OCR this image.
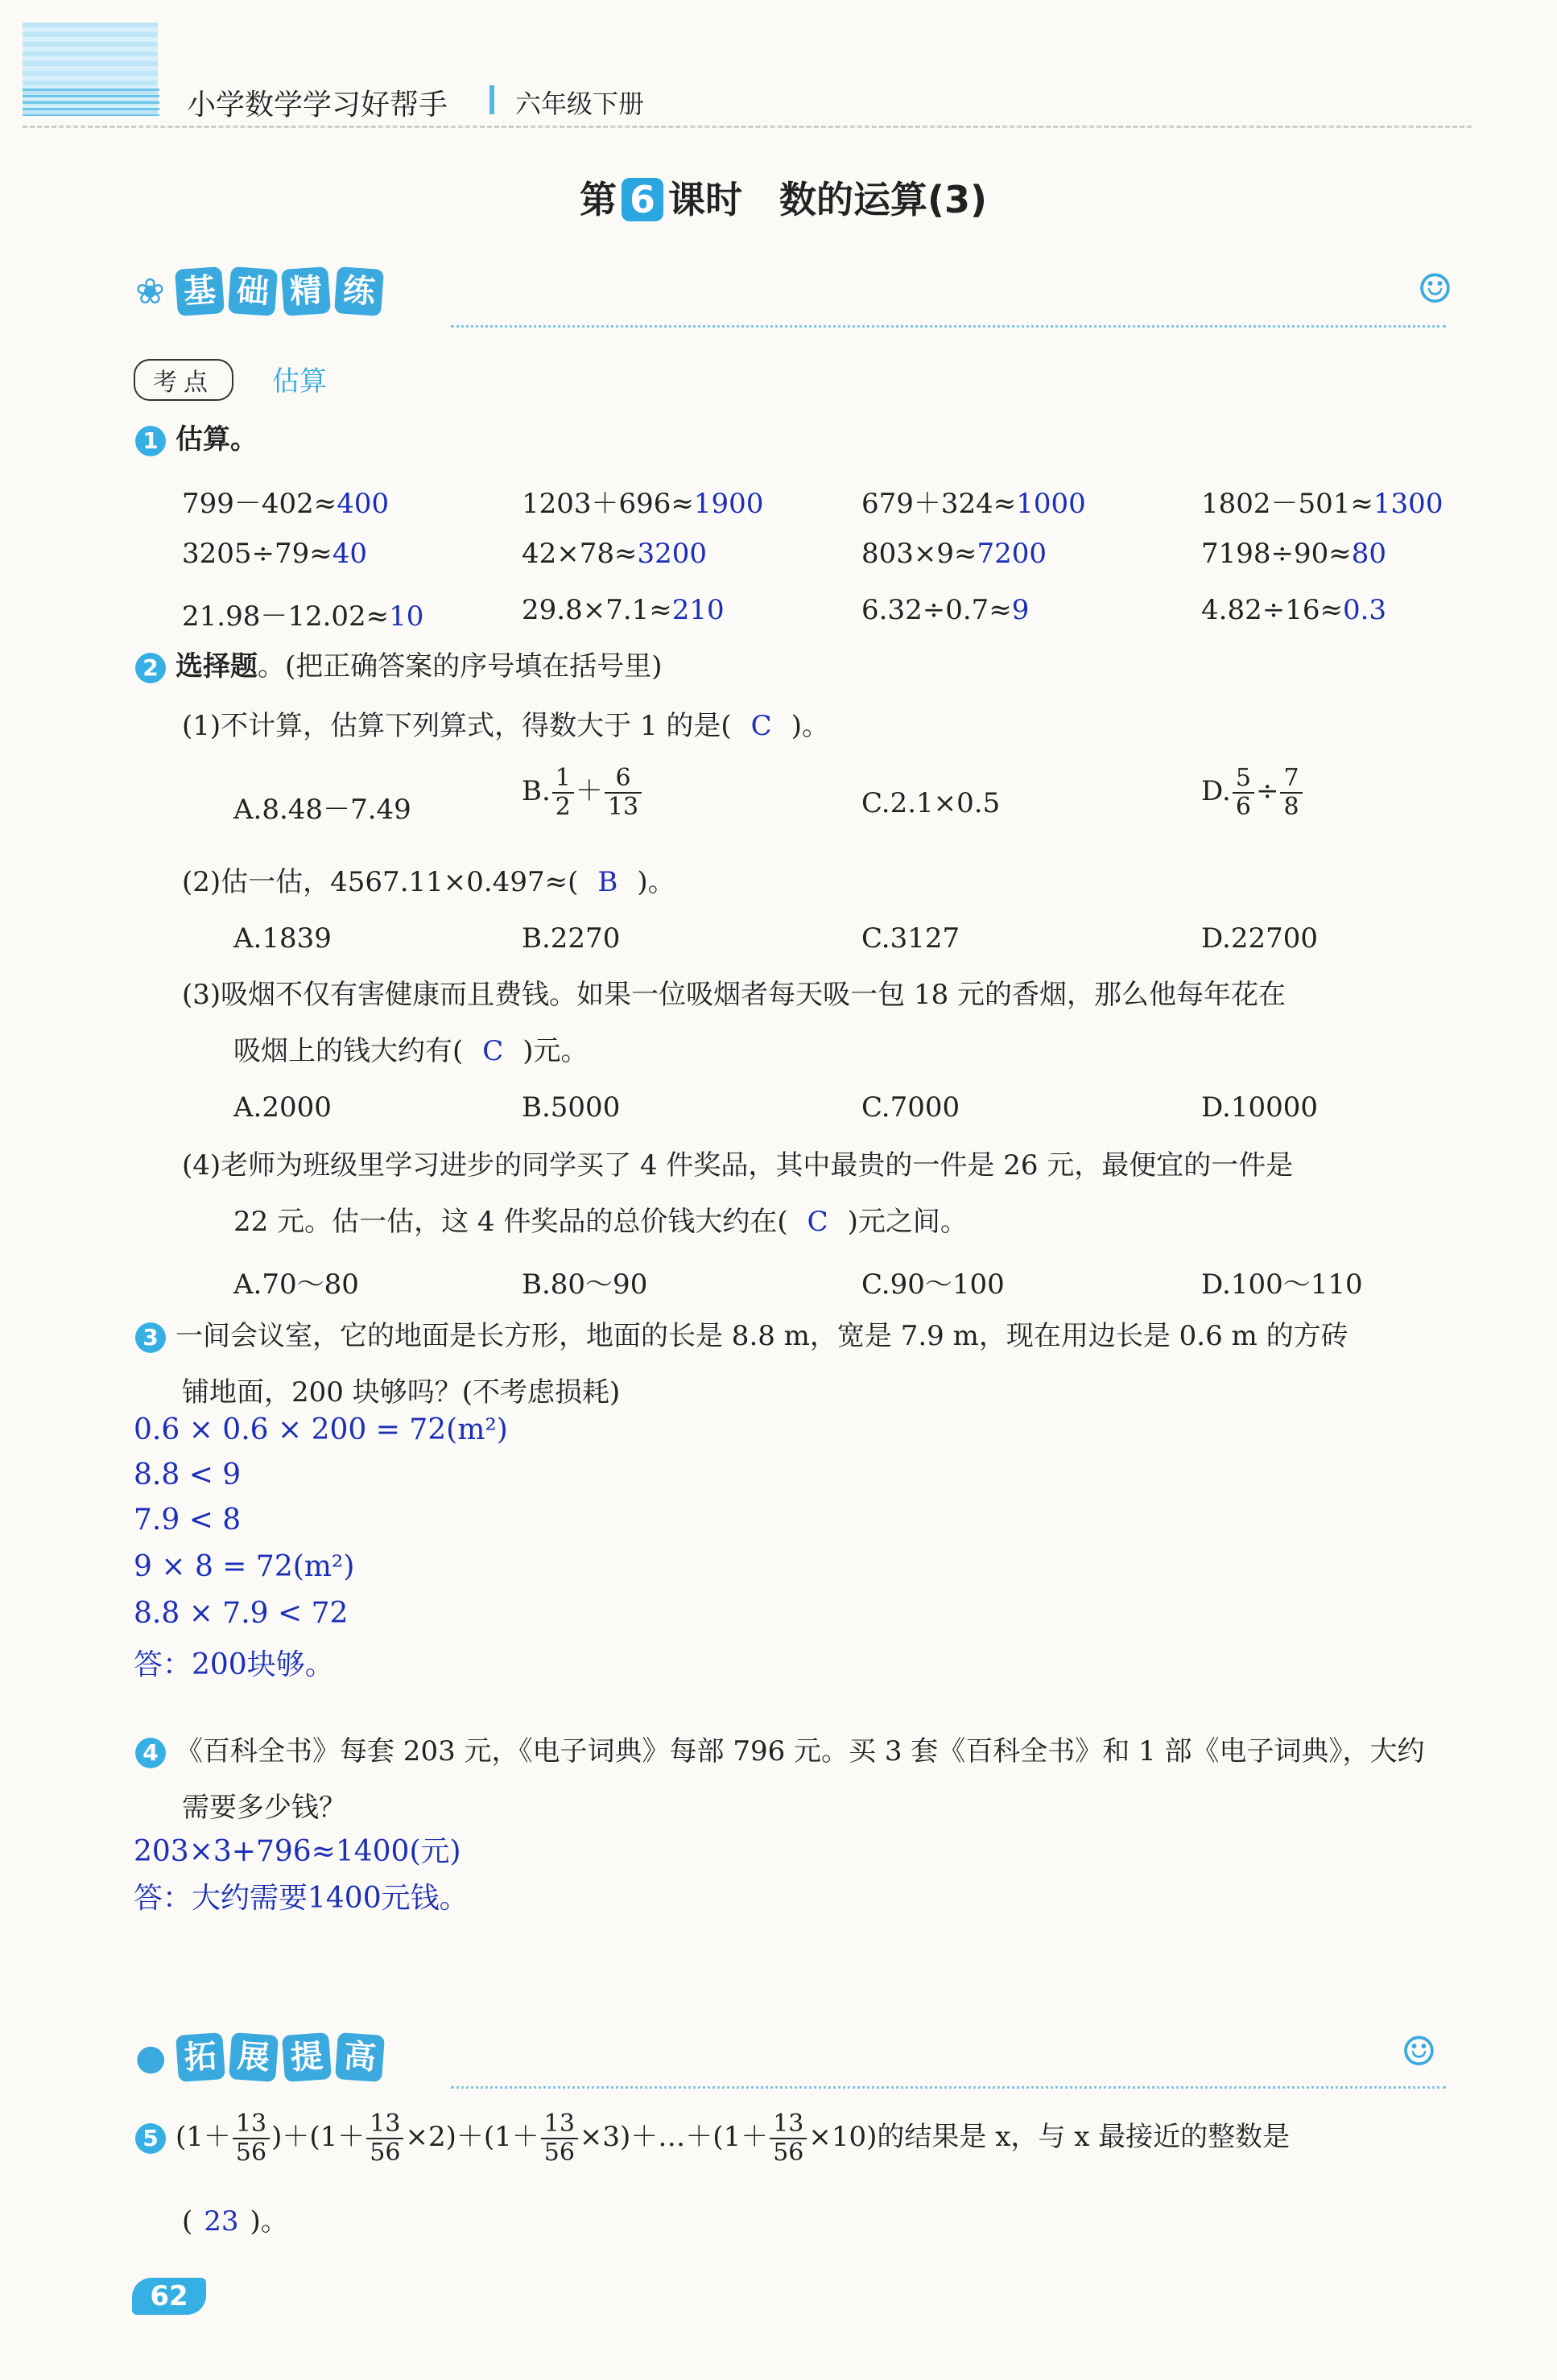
小学数学学习好帮手	六年级下册
第 6 课时　数的运算(3)
❀ 基 础 精 练	☺
考点	估算
1 估算。
799－402≈400	1203＋696≈1900	679＋324≈1000	1802－501≈1300
3205÷79≈40	42×78≈3200	803×9≈7200	7198÷90≈80
21.98－12.02≈10	29.8×7.1≈210	6.32÷0.7≈9	4.82÷16≈0.3
2 选择题。(把正确答案的序号填在括号里)
(1)不计算，估算下列算式，得数大于 1 的是( C )。
A.8.48－7.49
B. $\frac{1}{2} + \frac{6}{13}$	C.2.1×0.5	D. $\frac{5}{6} \div \frac{7}{8}$
(2)估一估，4567.11×0.497≈( B )。
A.1839	B.2270	C.3127	D.22700
(3)吸烟不仅有害健康而且费钱。如果一位吸烟者每天吸一包 18 元的香烟，那么他每年花在
吸烟上的钱大约有( C )元。
A.2000	B.5000	C.7000	D.10000
(4)老师为班级里学习进步的同学买了 4 件奖品，其中最贵的一件是 26 元，最便宜的一件是
22 元。估一估，这 4 件奖品的总价钱大约在( C )元之间。
A.70～80	B.80～90	C.90～100	D.100～110
3 一间会议室，它的地面是长方形，地面的长是 8.8 m，宽是 7.9 m，现在用边长是 0.6 m 的方砖
铺地面，200 块够吗？(不考虑损耗)
0.6 × 0.6 × 200 = 72(m²)
8.8 < 9
7.9 < 8
9 × 8 = 72(m²)
8.8 × 7.9 < 72
答：200块够。
4 《百科全书》每套 203 元，《电子词典》每部 796 元。买 3 套《百科全书》和 1 部《电子词典》，大约
需要多少钱？
203×3+796≈1400(元)
答：大约需要1400元钱。
● 拓 展 提 高	☺
5 $(1+ \frac{13}{56} )+(1+ \frac{13}{56} \times 2)+(1+ \frac{13}{56}$ ×3)＋…＋(1＋ $\frac{13}{56} \times 10$)的结果是 x，与 x 最接近的整数是
( 23 )。
62
